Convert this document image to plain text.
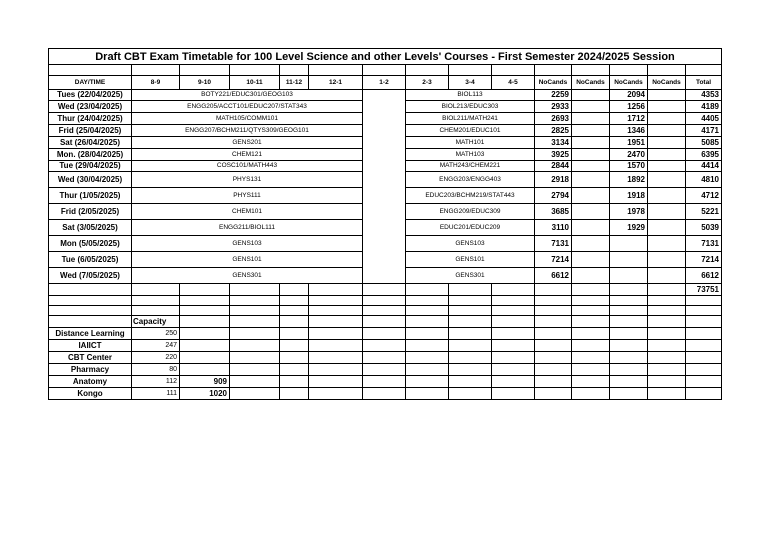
Draft CBT Exam Timetable for 100 Level Science and other Levels' Courses - First Semester 2024/2025 Session														

DAY/TIME	8-9	9-10	10-11	11-12	12-1	1-2	2-3	3-4	4-5	NoCands	NoCands	NoCands	NoCands	Total
Tues (22/04/2025)	BOTY221/EDUC301/GEOG103						BIOL113			2259		2094		4353
Wed (23/04/2025)	ENGG205/ACCT101/EDUC207/STAT343						BIOL213/EDUC303			2933		1256		4189
Thur (24/04/2025)	MATH105/COMM101						BIOL211/MATH241			2693		1712		4405
Frid (25/04/2025)	ENGG207/BCHM211/QTYS309/GEOG101						CHEM201/EDUC101			2825		1346		4171
Sat (26/04/2025)	GENS201						MATH101			3134		1951		5085
Mon. (28/04/2025)	CHEM121						MATH103			3925		2470		6395
Tue (29/04/2025)	COSC101/MATH443						MATH243/CHEM221			2844		1570		4414
Wed (30/04/2025)	PHYS131						ENGG203/ENGG403			2918		1892		4810
Thur (1/05/2025)	PHYS111						EDUC203/BCHM219/STAT443			2794		1918		4712
Frid (2/05/2025)	CHEM101						ENGG209/EDUC309			3685		1978		5221
Sat (3/05/2025)	ENGG211/BIOL111						EDUC201/EDUC209			3110		1929		5039
Mon (5/05/2025)	GENS103						GENS103			7131				7131
Tue (6/05/2025)	GENS101						GENS101			7214				7214
Wed (7/05/2025)	GENS301						GENS301			6612				6612
														73751

	Capacity													
Distance Learning	250													
IAIICT	247													
CBT Center	220													
Pharmacy	80													
Anatomy	112	909												
Kongo	111	1020												
